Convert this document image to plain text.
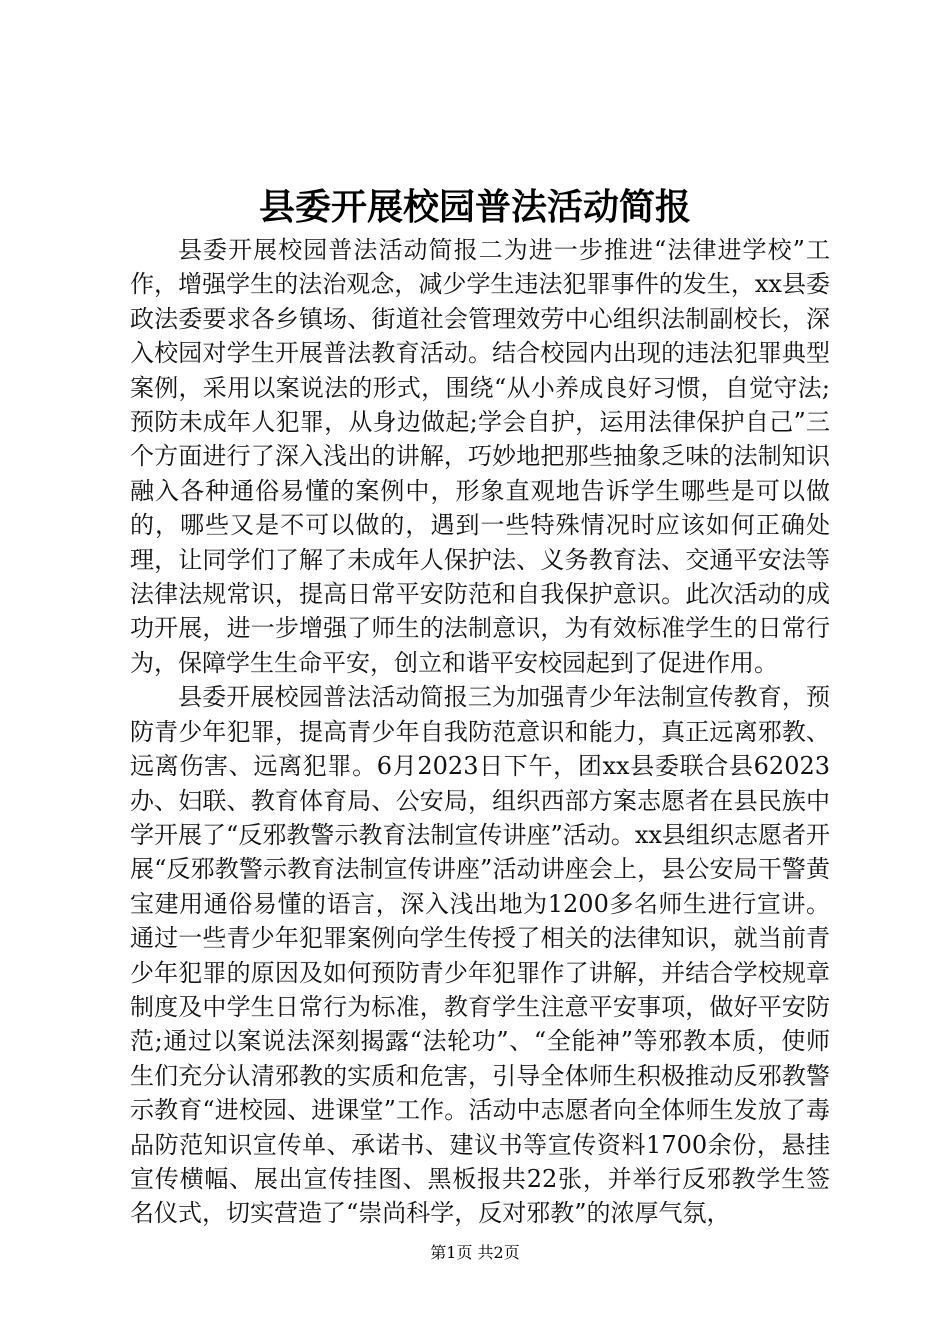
县委开展校园普法活动简报

县委开展校园普法活动简报二为进一步推进“法律进学校”工作，增强学生的法治观念，减少学生违法犯罪事件的发生，xx县委政法委要求各乡镇场、街道社会管理效劳中心组织法制副校长，深入校园对学生开展普法教育活动。结合校园内出现的违法犯罪典型案例，采用以案说法的形式，围绕“从小养成良好习惯，自觉守法;预防未成年人犯罪，从身边做起;学会自护，运用法律保护自己”三个方面进行了深入浅出的讲解，巧妙地把那些抽象乏味的法制知识融入各种通俗易懂的案例中，形象直观地告诉学生哪些是可以做的，哪些又是不可以做的，遇到一些特殊情况时应该如何正确处理，让同学们了解了未成年人保护法、义务教育法、交通平安法等法律法规常识，提高日常平安防范和自我保护意识。此次活动的成功开展，进一步增强了师生的法制意识，为有效标准学生的日常行为，保障学生生命平安，创立和谐平安校园起到了促进作用。

县委开展校园普法活动简报三为加强青少年法制宣传教育，预防青少年犯罪，提高青少年自我防范意识和能力，真正远离邪教、远离伤害、远离犯罪。6月2023日下午，团xx县委联合县62023办、妇联、教育体育局、公安局，组织西部方案志愿者在县民族中学开展了“反邪教警示教育法制宣传讲座”活动。xx县组织志愿者开展“反邪教警示教育法制宣传讲座”活动讲座会上，县公安局干警黄宝建用通俗易懂的语言，深入浅出地为1200多名师生进行宣讲。通过一些青少年犯罪案例向学生传授了相关的法律知识，就当前青少年犯罪的原因及如何预防青少年犯罪作了讲解，并结合学校规章制度及中学生日常行为标准，教育学生注意平安事项，做好平安防范;通过以案说法深刻揭露“法轮功”、“全能神”等邪教本质，使师生们充分认清邪教的实质和危害，引导全体师生积极推动反邪教警示教育“进校园、进课堂”工作。活动中志愿者向全体师生发放了毒品防范知识宣传单、承诺书、建议书等宣传资料1700余份，悬挂宣传横幅、展出宣传挂图、黑板报共22张，并举行反邪教学生签名仪式，切实营造了“崇尚科学，反对邪教”的浓厚气氛，

第1页 共2页
